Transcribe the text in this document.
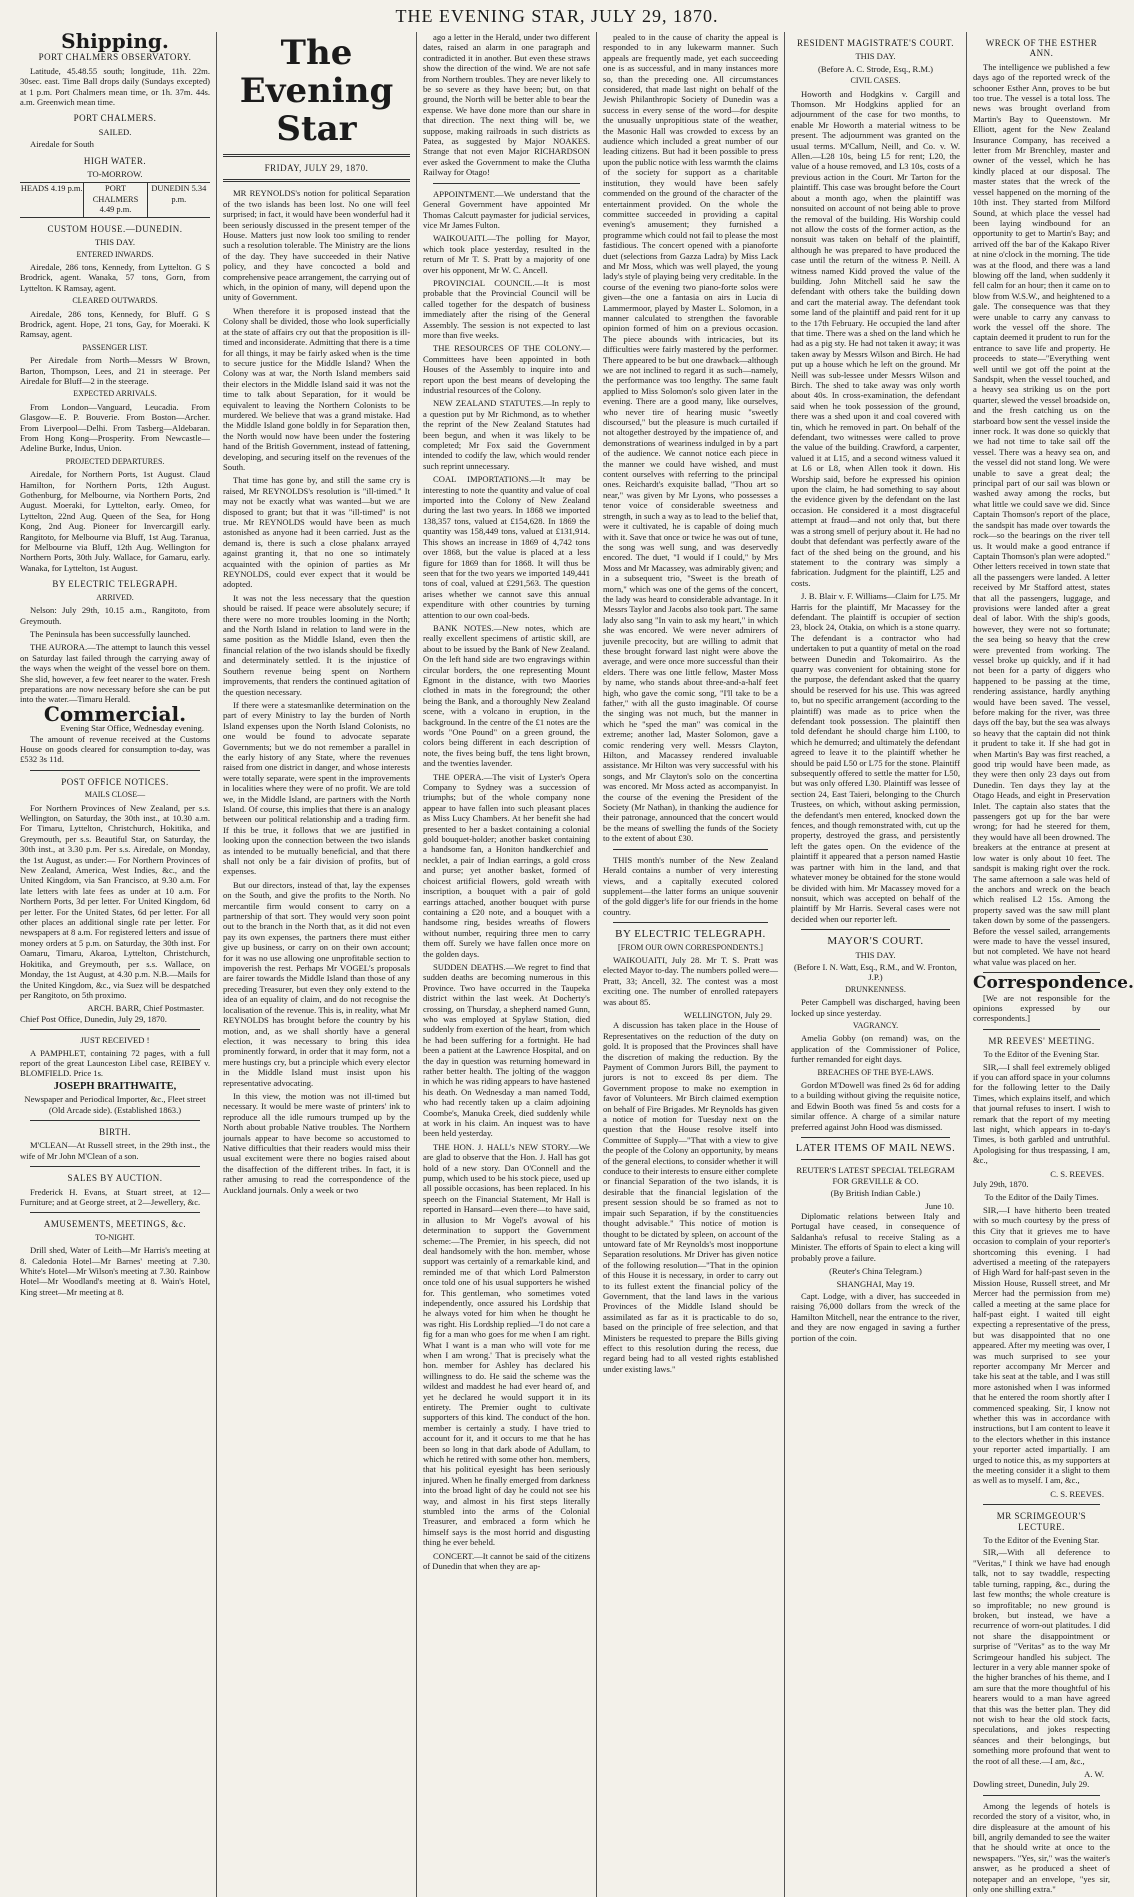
THE EVENING STAR, JULY 29, 1870.
Shipping.
PORT CHALMERS OBSERVATORY.

Latitude, 45.48.55 south; longitude, 11h. 22m. 30sec. east. Time Ball drops daily (Sundays excepted) at 1 p.m. Port Chalmers mean time, or 1h. 37m. 44s. a.m. Greenwich mean time.

PORT CHALMERS.
SAILED.

Airedale for South

HIGH WATER.
TO-MORROW.
HEADS 4.19 p.m.	PORT CHALMERS 4.49 p.m.
DUNEDIN 5.34 p.m.
CUSTOM HOUSE.—DUNEDIN.
THIS DAY.
ENTERED INWARDS.

Airedale, 286 tons, Kennedy, from Lyttelton. G S Brodrick, agent. Wanaka, 57 tons, Gorn, from Lyttelton. K Ramsay, agent.

CLEARED OUTWARDS.

Airedale, 286 tons, Kennedy, for Bluff. G S Brodrick, agent. Hope, 21 tons, Gay, for Moeraki. K Ramsay, agent.

PASSENGER LIST.

Per Airedale from North—Messrs W Brown, Barton, Thompson, Lees, and 21 in steerage. Per Airedale for Bluff—2 in the steerage.

EXPECTED ARRIVALS.

From London—Vanguard, Leucadia. From Glasgow—E. P. Bouverie. From Boston—Archer. From Liverpool—Delhi. From Tasberg—Aldebaran. From Hong Kong—Prosperity. From Newcastle—Adeline Burke, Indus, Union.

PROJECTED DEPARTURES.

Airedale, for Northern Ports, 1st August. Claud Hamilton, for Northern Ports, 12th August. Gothenburg, for Melbourne, via Northern Ports, 2nd August. Moeraki, for Lyttelton, early. Omeo, for Lyttelton, 22nd Aug. Queen of the Sea, for Hong Kong, 2nd Aug. Pioneer for Invercargill early. Rangitoto, for Melbourne via Bluff, 1st Aug. Taranua, for Melbourne via Bluff, 12th Aug. Wellington for Northern Ports, 30th July. Wallace, for Gamaru, early. Wanaka, for Lyttelton, 1st August.

BY ELECTRIC TELEGRAPH.
ARRIVED.

Nelson: July 29th, 10.15 a.m., Rangitoto, from Greymouth.

The Peninsula has been successfully launched.

THE AURORA.—The attempt to launch this vessel on Saturday last failed through the carrying away of the ways when the weight of the vessel bore on them. She slid, however, a few feet nearer to the water. Fresh preparations are now necessary before she can be put into the water.—Timaru Herald.

Commercial.
Evening Star Office, Wednesday evening.

The amount of revenue received at the Customs House on goods cleared for consumption to-day, was £532 3s 11d.

POST OFFICE NOTICES.
MAILS CLOSE—

For Northern Provinces of New Zealand, per s.s. Wellington, on Saturday, the 30th inst., at 10.30 a.m. For Timaru, Lyttelton, Christchurch, Hokitika, and Greymouth, per s.s. Beautiful Star, on Saturday, the 30th inst., at 3.30 p.m. Per s.s. Airedale, on Monday, the 1st August, as under:— For Northern Provinces of New Zealand, America, West Indies, &c., and the United Kingdom, via San Francisco, at 9.30 a.m. For late letters with late fees as under at 10 a.m. For Northern Ports, 3d per letter. For United Kingdom, 6d per letter. For the United States, 6d per letter. For all other places an additional single rate per letter. For newspapers at 8 a.m. For registered letters and issue of money orders at 5 p.m. on Saturday, the 30th inst. For Oamaru, Timaru, Akaroa, Lyttelton, Christchurch, Hokitika, and Greymouth, per s.s. Wallace, on Monday, the 1st August, at 4.30 p.m. N.B.—Mails for the United Kingdom, &c., via Suez will be despatched per Rangitoto, on 5th proximo.

ARCH. BARR, Chief Postmaster.

Chief Post Office, Dunedin, July 29, 1870.

JUST RECEIVED !

A PAMPHLET, containing 72 pages, with a full report of the great Launceston Libel case, REIBEY v. BLOMFIELD. Price 1s.

JOSEPH BRAITHWAITE,
Newspaper and Periodical Importer, &c., Fleet street (Old Arcade side). (Established 1863.)
BIRTH.

M'CLEAN—At Russell street, in the 29th inst., the wife of Mr John M'Clean of a son.

SALES BY AUCTION.

Frederick H. Evans, at Stuart street, at 12—Furniture; and at George street, at 2—Jewellery, &c.

AMUSEMENTS, MEETINGS, &c.
TO-NIGHT.

Drill shed, Water of Leith—Mr Harris's meeting at 8. Caledonia Hotel—Mr Barnes' meeting at 7.30. White's Hotel—Mr Wilson's meeting at 7.30. Rainbow Hotel—Mr Woodland's meeting at 8. Wain's Hotel, King street—Mr meeting at 8.

The Evening Star
FRIDAY, JULY 29, 1870.

MR REYNOLDS's notion for political Separation of the two islands has been lost. No one will feel surprised; in fact, it would have been wonderful had it been seriously discussed in the present temper of the House. Matters just now look too smiling to render such a resolution tolerable. The Ministry are the lions of the day. They have succeeded in their Native policy, and they have concocted a bold and comprehensive peace arrangement, the carrying out of which, in the opinion of many, will depend upon the unity of Government.

When therefore it is proposed instead that the Colony shall be divided, those who look superficially at the state of affairs cry out that the proposition is ill-timed and inconsiderate. Admitting that there is a time for all things, it may be fairly asked when is the time to secure justice for the Middle Island? When the Colony was at war, the North Island members said their electors in the Middle Island said it was not the time to talk about Separation, for it would be equivalent to leaving the Northern Colonists to be murdered. We believe that was a grand mistake. Had the Middle Island gone boldly in for Separation then, the North would now have been under the fostering hand of the British Government, instead of fattening, developing, and securing itself on the revenues of the South.

That time has gone by, and still the same cry is raised, Mr REYNOLDS's resolution is "ill-timed." It may not be exactly what was wanted—but we are disposed to grant; but that it was "ill-timed" is not true. Mr REYNOLDS would have been as much astonished as anyone had it been carried. Just as the demand is, there is such a close phalanx arrayed against granting it, that no one so intimately acquainted with the opinion of parties as Mr REYNOLDS, could ever expect that it would be adopted.

It was not the less necessary that the question should be raised. If peace were absolutely secure; if there were no more troubles looming in the North; and the North Island in relation to land were in the same position as the Middle Island, even then the financial relation of the two islands should be fixedly and determinately settled. It is the injustice of Southern revenue being spent on Northern improvements, that renders the continued agitation of the question necessary.

If there were a statesmanlike determination on the part of every Ministry to lay the burden of North Island expenses upon the North Island Colonists, no one would be found to advocate separate Governments; but we do not remember a parallel in the early history of any State, where the revenues raised from one district in danger, and whose interests were totally separate, were spent in the improvements in localities where they were of no profit. We are told we, in the Middle Island, are partners with the North Island. Of course, this implies that there is an analogy between our political relationship and a trading firm. If this be true, it follows that we are justified in looking upon the connection between the two islands as intended to be mutually beneficial, and that there shall not only be a fair division of profits, but of expenses.

But our directors, instead of that, lay the expenses on the South, and give the profits to the North. No mercantile firm would consent to carry on a partnership of that sort. They would very soon point out to the branch in the North that, as it did not even pay its own expenses, the partners there must either give up business, or carry on on their own account; for it was no use allowing one unprofitable section to impoverish the rest. Perhaps Mr VOGEL's proposals are fairer towards the Middle Island than those of any preceding Treasurer, but even they only extend to the idea of an equality of claim, and do not recognise the localisation of the revenue. This is, in reality, what Mr REYNOLDS has brought before the country by his motion, and, as we shall shortly have a general election, it was necessary to bring this idea prominently forward, in order that it may form, not a mere hustings cry, but a principle which every elector in the Middle Island must insist upon his representative advocating.

In this view, the motion was not ill-timed but necessary. It would be mere waste of printers' ink to reproduce all the idle rumours trumped up by the North about probable Native troubles. The Northern journals appear to have become so accustomed to Native difficulties that their readers would miss their usual excitement were there no bogies raised about the disaffection of the different tribes. In fact, it is rather amusing to read the correspondence of the Auckland journals. Only a week or two

ago a letter in the Herald, under two different dates, raised an alarm in one paragraph and contradicted it in another. But even these straws show the direction of the wind. We are not safe from Northern troubles. They are never likely to be so severe as they have been; but, on that ground, the North will be better able to bear the expense. We have done more than our share in that direction. The next thing will be, we suppose, making railroads in such districts as Patea, as suggested by Major NOAKES. Strange that not even Major RICHARDSON ever asked the Government to make the Clutha Railway for Otago!

APPOINTMENT.—We understand that the General Government have appointed Mr Thomas Calcutt paymaster for judicial services, vice Mr James Fulton.

WAIKOUAITI.—The polling for Mayor, which took place yesterday, resulted in the return of Mr T. S. Pratt by a majority of one over his opponent, Mr W. C. Ancell.

PROVINCIAL COUNCIL.—It is most probable that the Provincial Council will be called together for the despatch of business immediately after the rising of the General Assembly. The session is not expected to last more than five weeks.

THE RESOURCES OF THE COLONY.—Committees have been appointed in both Houses of the Assembly to inquire into and report upon the best means of developing the industrial resources of the Colony.

NEW ZEALAND STATUTES.—In reply to a question put by Mr Richmond, as to whether the reprint of the New Zealand Statutes had been begun, and when it was likely to be completed; Mr Fox said the Government intended to codify the law, which would render such reprint unnecessary.

COAL IMPORTATIONS.—It may be interesting to note the quantity and value of coal imported into the Colony of New Zealand during the last two years. In 1868 we imported 138,357 tons, valued at £154,628. In 1869 the quantity was 158,449 tons, valued at £131,914. This shows an increase in 1869 of 4,742 tons over 1868, but the value is placed at a less figure for 1869 than for 1868. It will thus be seen that for the two years we imported 149,441 tons of coal, valued at £291,563. The question arises whether we cannot save this annual expenditure with other countries by turning attention to our own coal-beds.

BANK NOTES.—New notes, which are really excellent specimens of artistic skill, are about to be issued by the Bank of New Zealand. On the left hand side are two engravings within circular borders, the one representing Mount Egmont in the distance, with two Maories clothed in mats in the foreground; the other being the Bank, and a thoroughly New Zealand scene, with a volcano in eruption, in the background. In the centre of the £1 notes are the words "One Pound" on a green ground, the colors being different in each description of note, the fives being buff, the tens light brown, and the twenties lavender.

THE OPERA.—The visit of Lyster's Opera Company to Sydney was a succession of triumphs; but of the whole company none appear to have fallen into such pleasant places as Miss Lucy Chambers. At her benefit she had presented to her a basket containing a colonial gold bouquet-holder; another basket containing a handsome fan, a Honiton handkerchief and necklet, a pair of Indian earrings, a gold cross and purse; yet another basket, formed of choicest artificial flowers, gold wreath with inscription, a bouquet with a pair of gold earrings attached, another bouquet with purse containing a £20 note, and a bouquet with a handsome ring, besides wreaths of flowers without number, requiring three men to carry them off. Surely we have fallen once more on the golden days.

SUDDEN DEATHS.—We regret to find that sudden deaths are becoming numerous in this Province. Two have occurred in the Taupeka district within the last week. At Docherty's crossing, on Thursday, a shepherd named Gunn, who was employed at Spylaw Station, died suddenly from exertion of the heart, from which he had been suffering for a fortnight. He had been a patient at the Lawrence Hospital, and on the day in question was returning homeward in rather better health. The jolting of the waggon in which he was riding appears to have hastened his death. On Wednesday a man named Todd, who had recently taken up a claim adjoining Coombe's, Manuka Creek, died suddenly while at work in his claim. An inquest was to have been held yesterday.

THE HON. J. HALL's NEW STORY.—We are glad to observe that the Hon. J. Hall has got hold of a new story. Dan O'Connell and the pump, which used to be his stock piece, used up all possible occasions, has been replaced. In his speech on the Financial Statement, Mr Hall is reported in Hansard—even there—to have said, in allusion to Mr Vogel's avowal of his determination to support the Government scheme:—The Premier, in his speech, did not deal handsomely with the hon. member, whose support was certainly of a remarkable kind, and reminded me of that which Lord Palmerston once told one of his usual supporters he wished for. This gentleman, who sometimes voted independently, once assured his Lordship that he always voted for him when he thought he was right. His Lordship replied—'I do not care a fig for a man who goes for me when I am right. What I want is a man who will vote for me when I am wrong.' That is precisely what the hon. member for Ashley has declared his willingness to do. He said the scheme was the wildest and maddest he had ever heard of, and yet he declared he would support it in its entirety. The Premier ought to cultivate supporters of this kind. The conduct of the hon. member is certainly a study. I have tried to account for it, and it occurs to me that he has been so long in that dark abode of Adullam, to which he retired with some other hon. members, that his political eyesight has been seriously injured. When he finally emerged from darkness into the broad light of day he could not see his way, and almost in his first steps literally stumbled into the arms of the Colonial Treasurer, and embraced a form which he himself says is the most horrid and disgusting thing he ever beheld.

CONCERT.—It cannot be said of the citizens of Dunedin that when they are ap-

pealed to in the cause of charity the appeal is responded to in any lukewarm manner. Such appeals are frequently made, yet each succeeding one is as successful, and in many instances more so, than the preceding one. All circumstances considered, that made last night on behalf of the Jewish Philanthropic Society of Dunedin was a success in every sense of the word—for despite the unusually unpropitious state of the weather, the Masonic Hall was crowded to excess by an audience which included a great number of our leading citizens. But had it been possible to press upon the public notice with less warmth the claims of the society for support as a charitable institution, they would have been safely commended on the ground of the character of the entertainment provided. On the whole the committee succeeded in providing a capital evening's amusement; they furnished a programme which could not fail to please the most fastidious. The concert opened with a pianoforte duet (selections from Gazza Ladra) by Miss Lack and Mr Moss, which was well played, the young lady's style of playing being very creditable. In the course of the evening two piano-forte solos were given—the one a fantasia on airs in Lucia di Lammermoor, played by Master L. Solomon, in a manner calculated to strengthen the favorable opinion formed of him on a previous occasion. The piece abounds with intricacies, but its difficulties were fairly mastered by the performer. There appeared to be but one drawback—although we are not inclined to regard it as such—namely, the performance was too lengthy. The same fault applied to Miss Solomon's solo given later in the evening. There are a good many, like ourselves, who never tire of hearing music "sweetly discoursed," but the pleasure is much curtailed if not altogether destroyed by the impatience of, and demonstrations of weariness indulged in by a part of the audience. We cannot notice each piece in the manner we could have wished, and must content ourselves with referring to the principal ones. Reichardt's exquisite ballad, "Thou art so near," was given by Mr Lyons, who possesses a tenor voice of considerable sweetness and strength, in such a way as to lead to the belief that, were it cultivated, he is capable of doing much with it. Save that once or twice he was out of tune, the song was well sung, and was deservedly encored. The duet, "I would if I could," by Mrs Moss and Mr Macassey, was admirably given; and in a subsequent trio, "Sweet is the breath of morn," which was one of the gems of the concert, the lady was heard to considerable advantage. In it Messrs Taylor and Jacobs also took part. The same lady also sang "In vain to ask my heart," in which she was encored. We were never admirers of juvenile precocity, but are willing to admit that these brought forward last night were above the average, and were once more successful than their elders. There was one little fellow, Master Moss by name, who stands about three-and-a-half feet high, who gave the comic song, "I'll take to be a father," with all the gusto imaginable. Of course the singing was not much, but the manner in which he "sped the man" was comical in the extreme; another lad, Master Solomon, gave a comic rendering very well. Messrs Clayton, Hilton, and Macassey rendered invaluable assistance. Mr Hilton was very successful with his songs, and Mr Clayton's solo on the concertina was encored. Mr Moss acted as accompanyist. In the course of the evening the President of the Society (Mr Nathan), in thanking the audience for their patronage, announced that the concert would be the means of swelling the funds of the Society to the extent of about £30.

THIS month's number of the New Zealand Herald contains a number of very interesting views, and a capitally executed colored supplement—the latter forms an unique souvenir of the gold digger's life for our friends in the home country.

BY ELECTRIC TELEGRAPH.
[FROM OUR OWN CORRESPONDENTS.]

WAIKOUAITI, July 28. Mr T. S. Pratt was elected Mayor to-day. The numbers polled were—Pratt, 33; Ancell, 32. The contest was a most exciting one. The number of enrolled ratepayers was about 85.

WELLINGTON, July 29.

A discussion has taken place in the House of Representatives on the reduction of the duty on gold. It is proposed that the Provinces shall have the discretion of making the reduction. By the Payment of Common Jurors Bill, the payment to jurors is not to exceed 8s per diem. The Government propose to make no exemption in favor of Volunteers. Mr Birch claimed exemption on behalf of Fire Brigades. Mr Reynolds has given a notice of motion for Tuesday next on the question that the House resolve itself into Committee of Supply—"That with a view to give the people of the Colony an opportunity, by means of the general elections, to consider whether it will conduce to their interests to ensure either complete or financial Separation of the two islands, it is desirable that the financial legislation of the present session should be so framed as not to impair such Separation, if by the constituencies thought advisable." This notice of motion is thought to be dictated by spleen, on account of the untoward fate of Mr Reynolds's most inopportune Separation resolutions. Mr Driver has given notice of the following resolution—"That in the opinion of this House it is necessary, in order to carry out to its fullest extent the financial policy of the Government, that the land laws in the various Provinces of the Middle Island should be assimilated as far as it is practicable to do so, based on the principle of free selection, and that Ministers be requested to prepare the Bills giving effect to this resolution during the recess, due regard being had to all vested rights established under existing laws."

RESIDENT MAGISTRATE'S COURT.
THIS DAY.
(Before A. C. Strode, Esq., R.M.)
CIVIL CASES.

Howorth and Hodgkins v. Cargill and Thomson. Mr Hodgkins applied for an adjournment of the case for two months, to enable Mr Howorth a material witness to be present. The adjournment was granted on the usual terms. M'Callum, Neill, and Co. v. W. Allen.—L28 10s, being L5 for rent; L20, the value of a house removed, and L3 10s, costs of a previous action in the Court. Mr Tarton for the plaintiff. This case was brought before the Court about a month ago, when the plaintiff was nonsuited on account of not being able to prove the removal of the building. His Worship could not allow the costs of the former action, as the nonsuit was taken on behalf of the plaintiff, although he was prepared to have produced the case until the return of the witness P. Neill. A witness named Kidd proved the value of the building. John Mitchell said he saw the defendant with others take the building down and cart the material away. The defendant took some land of the plaintiff and paid rent for it up to the 17th February. He occupied the land after that time. There was a shed on the land which he had as a pig sty. He had not taken it away; it was taken away by Messrs Wilson and Birch. He had put up a house which he left on the ground. Mr Neill was sub-lessee under Messrs Wilson and Birch. The shed to take away was only worth about 40s. In cross-examination, the defendant said when he took possession of the ground, there was a shed upon it and coal covered with tin, which he removed in part. On behalf of the defendant, two witnesses were called to prove the value of the building. Crawford, a carpenter, valued it at L15, and a second witness valued it at L6 or L8, when Allen took it down. His Worship said, before he expressed his opinion upon the claim, he had something to say about the evidence given by the defendant on the last occasion. He considered it a most disgraceful attempt at fraud—and not only that, but there was a strong smell of perjury about it. He had no doubt that defendant was perfectly aware of the fact of the shed being on the ground, and his statement to the contrary was simply a fabrication. Judgment for the plaintiff, L25 and costs.

J. B. Blair v. F. Williams—Claim for L75. Mr Harris for the plaintiff, Mr Macassey for the defendant. The plaintiff is occupier of section 23, block 24, Otakia, on which is a stone quarry. The defendant is a contractor who had undertaken to put a quantity of metal on the road between Dunedin and Tokomairiro. As the quarry was convenient for obtaining stone for the purpose, the defendant asked that the quarry should be reserved for his use. This was agreed to, but no specific arrangement (according to the plaintiff) was made as to price when the defendant took possession. The plaintiff then told defendant he should charge him L100, to which he demurred; and ultimately the defendant agreed to leave it to the plaintiff whether he should be paid L50 or L75 for the stone. Plaintiff subsequently offered to settle the matter for L50, but was only offered L30. Plaintiff was lessee of section 24, East Taieri, belonging to the Church Trustees, on which, without asking permission, the defendant's men entered, knocked down the fences, and though remonstrated with, cut up the property, destroyed the grass, and persistently left the gates open. On the evidence of the plaintiff it appeared that a person named Hastie was partner with him in the land, and that whatever money be obtained for the stone would be divided with him. Mr Macassey moved for a nonsuit, which was accepted on behalf of the plaintiff by Mr Harris. Several cases were not decided when our reporter left.

MAYOR'S COURT.
THIS DAY.
(Before I. N. Watt, Esq., R.M., and W. Fronton, J.P.)
DRUNKENNESS.

Peter Campbell was discharged, having been locked up since yesterday.

VAGRANCY.

Amelia Gobby (on remand) was, on the application of the Commissioner of Police, further remanded for eight days.

BREACHES OF THE BYE-LAWS.

Gordon M'Dowell was fined 2s 6d for adding to a building without giving the requisite notice, and Edwin Booth was fined 5s and costs for a similar offence. A charge of a similar nature preferred against John Hood was dismissed.

LATER ITEMS OF MAIL NEWS.
REUTER'S LATEST SPECIAL TELEGRAM FOR GREVILLE & CO.
(By British Indian Cable.)
June 10.

Diplomatic relations between Italy and Portugal have ceased, in consequence of Saldanha's refusal to receive Staling as a Minister. The efforts of Spain to elect a king will probably prove a failure.

(Reuter's China Telegram.)
SHANGHAI, May 19.

Capt. Lodge, with a diver, has succeeded in raising 76,000 dollars from the wreck of the Hamilton Mitchell, near the entrance to the river, and they are now engaged in saving a further portion of the coin.

WRECK OF THE ESTHER ANN.

The intelligence we published a few days ago of the reported wreck of the schooner Esther Ann, proves to be but too true. The vessel is a total loss. The news was brought overland from Martin's Bay to Queenstown. Mr Elliott, agent for the New Zealand Insurance Company, has received a letter from Mr Brenchley, master and owner of the vessel, which he has kindly placed at our disposal. The master states that the wreck of the vessel happened on the morning of the 10th inst. They started from Milford Sound, at which place the vessel had been laying windbound for an opportunity to get to Martin's Bay; and arrived off the bar of the Kakapo River at nine o'clock in the morning. The tide was at the flood, and there was a land blowing off the land, when suddenly it fell calm for an hour; then it came on to blow from W.S.W., and heightened to a gale. The consequence was that they were unable to carry any canvass to work the vessel off the shore. The captain deemed it prudent to run for the entrance to save life and property. He proceeds to state—"Everything went well until we got off the point at the Sandspit, when the vessel touched, and a heavy sea striking us on the port quarter, slewed the vessel broadside on, and the fresh catching us on the starboard bow sent the vessel inside the inner rock. It was done so quickly that we had not time to take sail off the vessel. There was a heavy sea on, and the vessel did not stand long. We were unable to save a great deal; the principal part of our sail was blown or washed away among the rocks, but what little we could save we did. Since Captain Thomson's report of the place, the sandspit has made over towards the rock—so the bearings on the river tell us. It would make a good entrance if Captain Thomson's plan were adopted." Other letters received in town state that all the passengers were landed. A letter received by Mr Stafford attest, states that all the passengers, luggage, and provisions were landed after a great deal of labor. With the ship's goods, however, they were not so fortunate; the sea being so heavy that the crew were prevented from working. The vessel broke up quickly, and if it had not been for a party of diggers who happened to be passing at the time, rendering assistance, hardly anything would have been saved. The vessel, before making for the river, was three days off the bay, but the sea was always so heavy that the captain did not think it prudent to take it. If she had got in when Martin's Bay was first reached, a good trip would have been made, as they were then only 23 days out from Dunedin. Ten days they lay at the Otago Heads, and eight in Preservation Inlet. The captain also states that the passengers got up for the bar were wrong; for had he steered for them, they would have all been drowned. The breakers at the entrance at present at low water is only about 10 feet. The sandspit is making right over the rock. The same afternoon a sale was held of the anchors and wreck on the beach which realised L2 15s. Among the property saved was the saw mill plant taken down by some of the passengers. Before the vessel sailed, arrangements were made to have the vessel insured, but not completed. We have not heard what value was placed on her.

Correspondence.

[We are not responsible for the opinions expressed by our correspondents.]

MR REEVES' MEETING.
To the Editor of the Evening Star.

SIR,—I shall feel extremely obliged if you can afford space in your columns for the following letter to the Daily Times, which explains itself, and which that journal refuses to insert. I wish to remark that the report of my meeting last night, which appears in to-day's Times, is both garbled and untruthful. Apologising for thus trespassing, I am, &c.,

C. S. REEVES.

July 29th, 1870.

To the Editor of the Daily Times.

SIR,—I have hitherto been treated with so much courtesy by the press of this City that it grieves me to have occasion to complain of your reporter's shortcoming this evening. I had advertised a meeting of the ratepayers of High Ward for half-past seven in the Mission House, Russell street, and Mr Mercer had the permission from me) called a meeting at the same place for half-past eight. I waited till eight expecting a representative of the press, but was disappointed that no one appeared. After my meeting was over, I was much surprised to see your reporter accompany Mr Mercer and take his seat at the table, and I was still more astonished when I was informed that he entered the room shortly after I commenced speaking. Sir, I know not whether this was in accordance with instructions, but I am content to leave it to the electors whether in this instance your reporter acted impartially. I am urged to notice this, as my supporters at the meeting consider it a slight to them as well as to myself. I am, &c.,

C. S. REEVES.
MR SCRIMGEOUR'S LECTURE.
To the Editor of the Evening Star.

SIR,—With all deference to "Veritas," I think we have had enough talk, not to say twaddle, respecting table turning, rapping, &c., during the last few months; the whole creature is so improfitable; no new ground is broken, but instead, we have a recurrence of worn-out platitudes. I did not share the disappointment or surprise of "Veritas" as to the way Mr Scrimgeour handled his subject. The lecturer in a very able manner spoke of the higher branches of his theme, and I am sure that the more thoughtful of his hearers would to a man have agreed that this was the better plan. They did not wish to hear the old stock facts, speculations, and jokes respecting séances and their belongings, but something more profound that went to the root of all these.—I am, &c.,

A. W.

Dowling street, Dunedin, July 29.

Among the legends of hotels is recorded the story of a visitor, who, in dire displeasure at the amount of his bill, angrily demanded to see the waiter that he should write at once to the newspapers. "Yes, sir," was the waiter's answer, as he produced a sheet of notepaper and an envelope, "yes sir, only one shilling extra."
